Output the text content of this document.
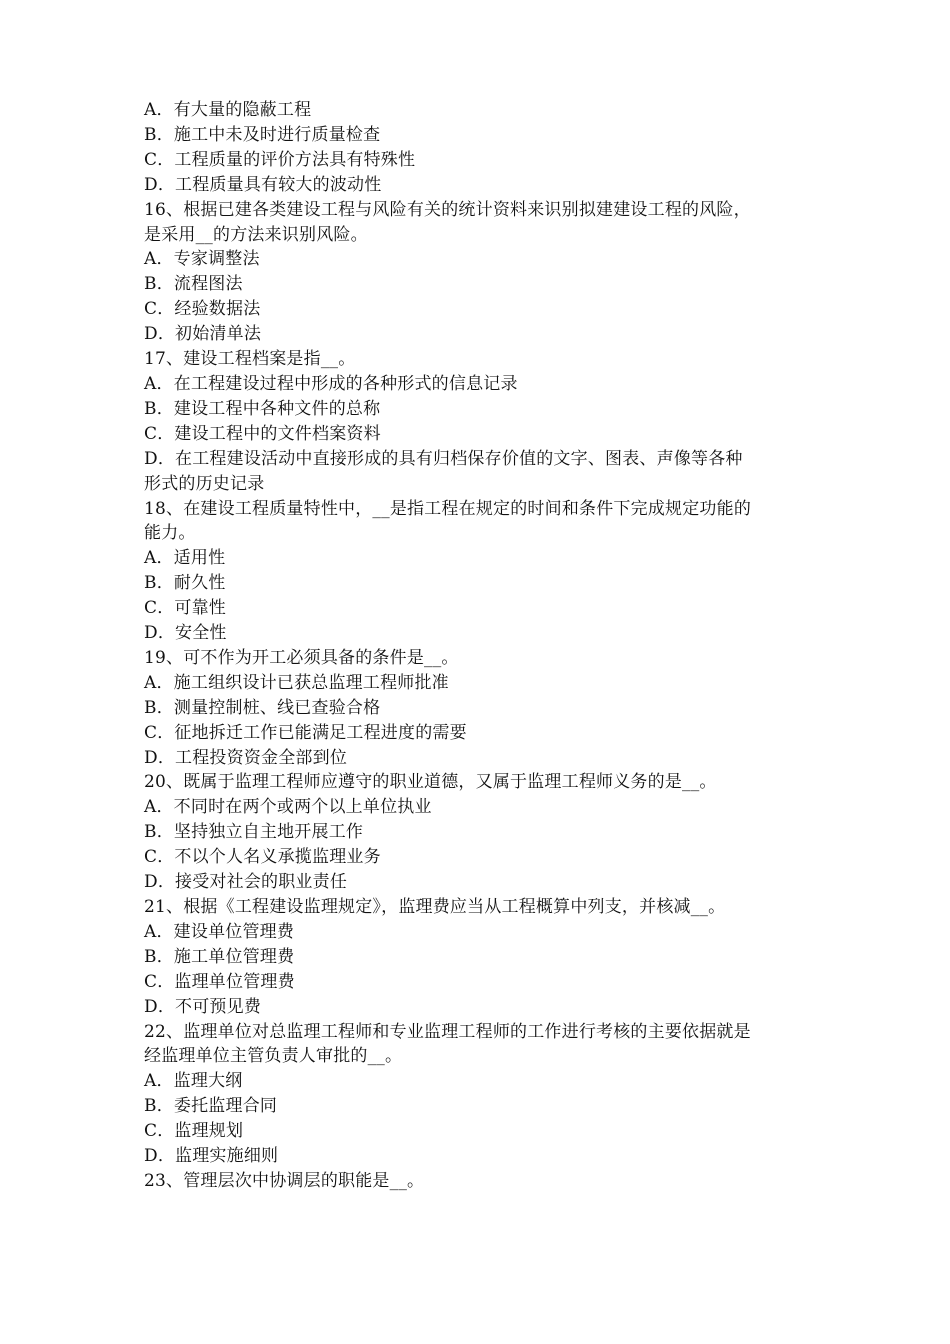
A．有大量的隐蔽工程
B．施工中未及时进行质量检查
C．工程质量的评价方法具有特殊性
D．工程质量具有较大的波动性
16、根据已建各类建设工程与风险有关的统计资料来识别拟建建设工程的风险，
是采用__的方法来识别风险。
A．专家调整法
B．流程图法
C．经验数据法
D．初始清单法
17、建设工程档案是指__。
A．在工程建设过程中形成的各种形式的信息记录
B．建设工程中各种文件的总称
C．建设工程中的文件档案资料
D．在工程建设活动中直接形成的具有归档保存价值的文字、图表、声像等各种
形式的历史记录
18、在建设工程质量特性中，__是指工程在规定的时间和条件下完成规定功能的
能力。
A．适用性
B．耐久性
C．可靠性
D．安全性
19、可不作为开工必须具备的条件是__。
A．施工组织设计已获总监理工程师批准
B．测量控制桩、线已查验合格
C．征地拆迁工作已能满足工程进度的需要
D．工程投资资金全部到位
20、既属于监理工程师应遵守的职业道德，又属于监理工程师义务的是__。
A．不同时在两个或两个以上单位执业
B．坚持独立自主地开展工作
C．不以个人名义承揽监理业务
D．接受对社会的职业责任
21、根据《工程建设监理规定》，监理费应当从工程概算中列支，并核减__。
A．建设单位管理费
B．施工单位管理费
C．监理单位管理费
D．不可预见费
22、监理单位对总监理工程师和专业监理工程师的工作进行考核的主要依据就是
经监理单位主管负责人审批的__。
A．监理大纲
B．委托监理合同
C．监理规划
D．监理实施细则
23、管理层次中协调层的职能是__。
